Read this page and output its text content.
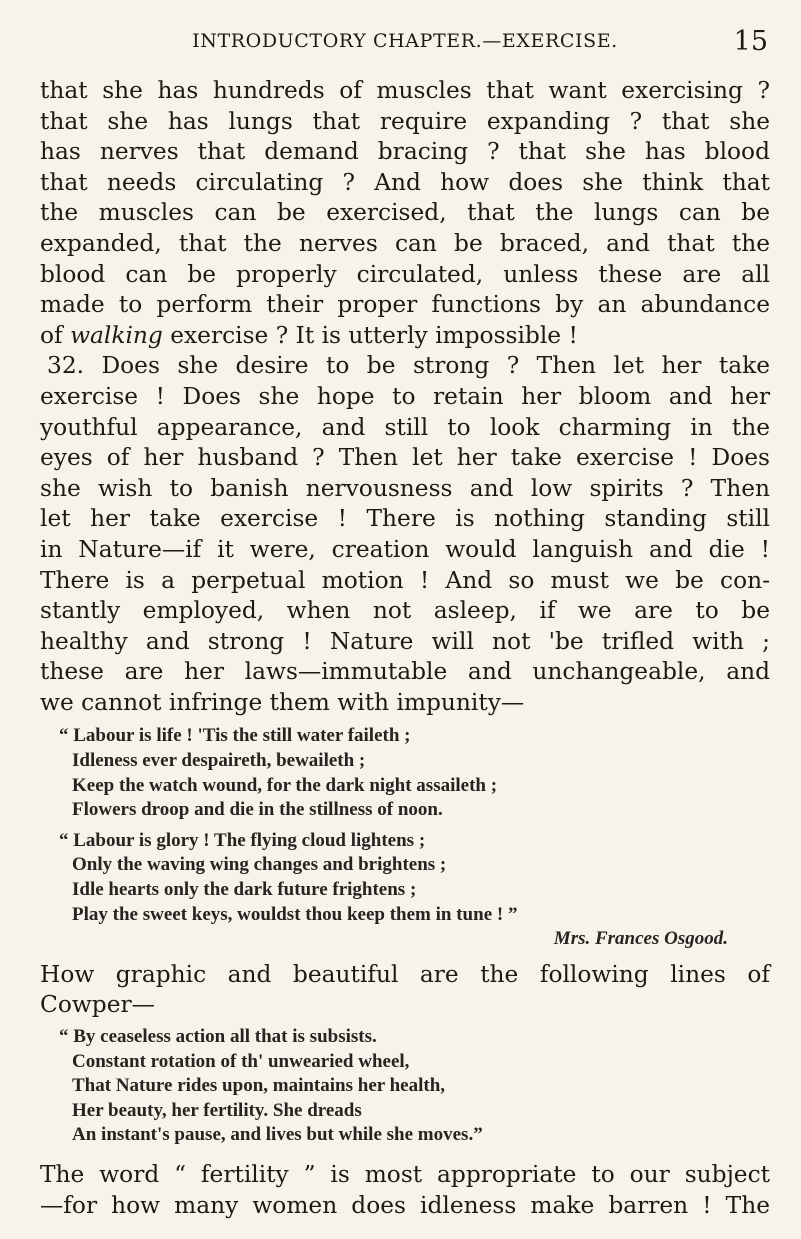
INTRODUCTORY CHAPTER.—EXERCISE.	15
that she has hundreds of muscles that want exercising ?
that she has lungs that require expanding ? that she
has nerves that demand bracing ? that she has blood
that needs circulating ? And how does she think that
the muscles can be exercised, that the lungs can be
expanded, that the nerves can be braced, and that the
blood can be properly circulated, unless these are all
made to perform their proper functions by an abundance
of walking exercise ? It is utterly impossible !
32. Does she desire to be strong ? Then let her take
exercise ! Does she hope to retain her bloom and her
youthful appearance, and still to look charming in the
eyes of her husband ? Then let her take exercise ! Does
she wish to banish nervousness and low spirits ? Then
let her take exercise ! There is nothing standing still
in Nature—if it were, creation would languish and die !
There is a perpetual motion ! And so must we be con-
stantly employed, when not asleep, if we are to be
healthy and strong ! Nature will not 'be trifled with ;
these are her laws—immutable and unchangeable, and
we cannot infringe them with impunity—
“ Labour is life ! 'Tis the still water faileth ;
Idleness ever despaireth, bewaileth ;
Keep the watch wound, for the dark night assaileth ;
Flowers droop and die in the stillness of noon.
“ Labour is glory ! The flying cloud lightens ;
Only the waving wing changes and brightens ;
Idle hearts only the dark future frightens ;
Play the sweet keys, wouldst thou keep them in tune ! ”
Mrs. Frances Osgood.
How graphic and beautiful are the following lines of
Cowper—
“ By ceaseless action all that is subsists.
Constant rotation of th' unwearied wheel,
That Nature rides upon, maintains her health,
Her beauty, her fertility. She dreads
An instant's pause, and lives but while she moves.”
The word “ fertility ” is most appropriate to our subject
—for how many women does idleness make barren ! The
